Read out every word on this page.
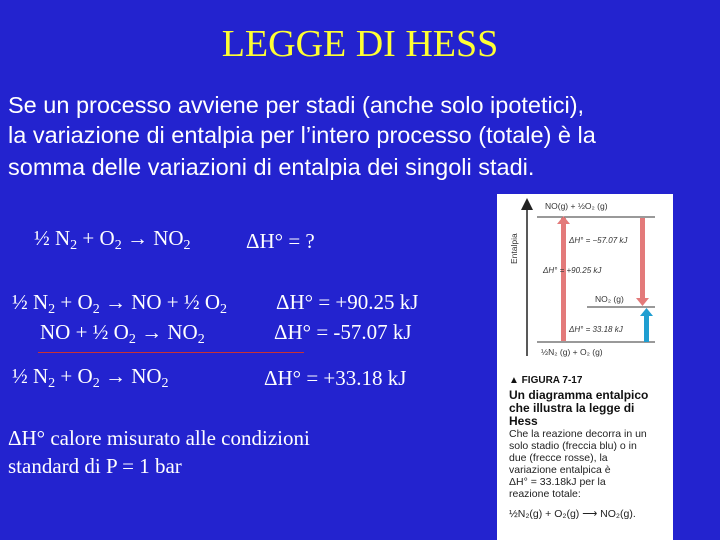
LEGGE DI HESS
Se un processo avviene per stadi (anche solo ipotetici),
la variazione di entalpia per l’intero processo (totale) è la
somma delle variazioni di entalpia dei singoli stadi.
½ $N_2 + O_2 \to NO_2$	ΔH° = ?
½ $N_2 + O_2$ → NO + ½ $O_2$ ΔH° = +90.25 kJ
NO + ½ $O_2 \to NO_2$	ΔH° = -57.07 kJ
½ $N_2 + O_2 \to NO_2$	ΔH° = +33.18 kJ
ΔH° calore misurato alle condizioni
standard di P = 1 bar
Entalpia
NO(g) + ½O₂ (g)
ΔH° = −57.07 kJ
ΔH° = +90.25 kJ
NO₂ (g)
ΔH° = 33.18 kJ
½N₂ (g) + O₂ (g)
▲ FIGURA 7-17
Un diagramma entalpico
che illustra la legge di
Hess
Che la reazione decorra in un
solo stadio (freccia blu) o in
due (frecce rosse), la
variazione entalpica è
ΔH° = 33.18kJ per la
reazione totale:
½N₂(g) + O₂(g) ⟶ NO₂(g).
